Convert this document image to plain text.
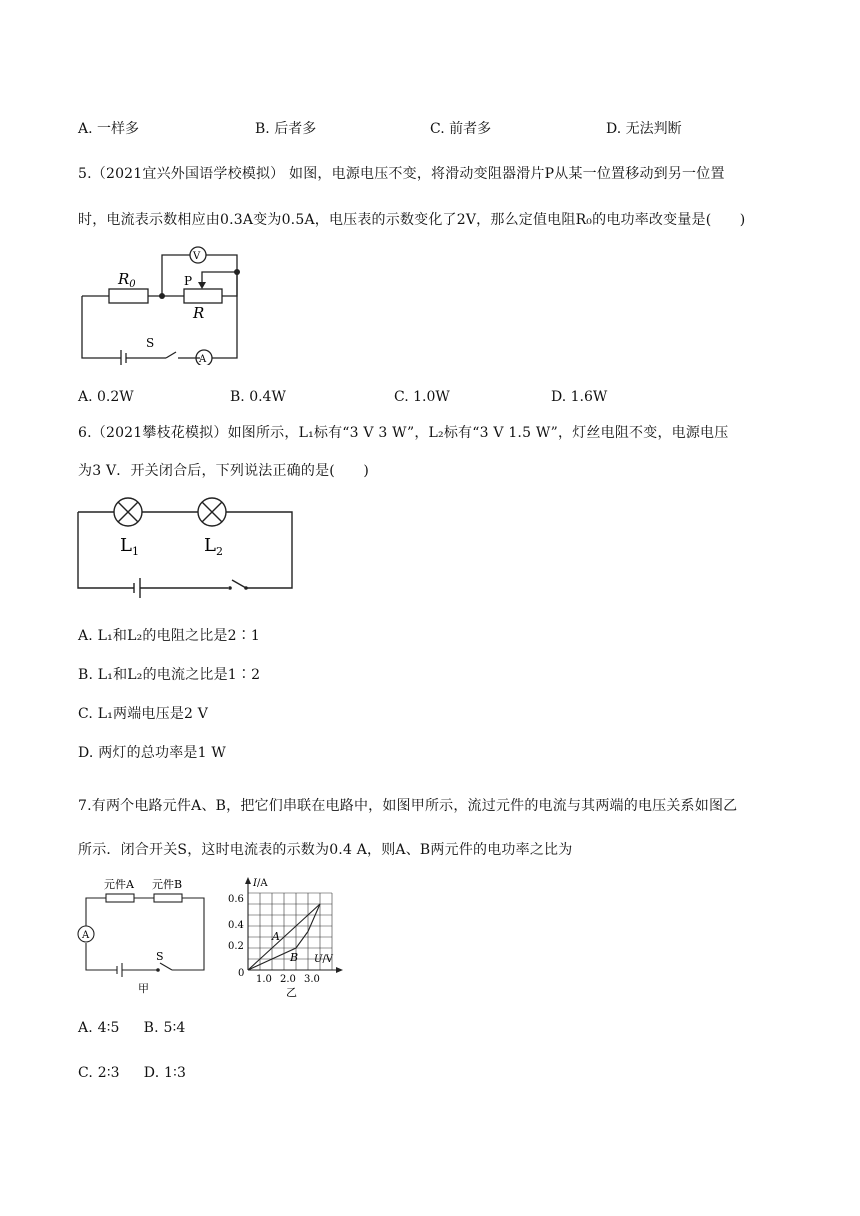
A. 一样多	B. 后者多	C. 前者多	D. 无法判断
5.（2021宜兴外国语学校模拟） 如图，电源电压不变，将滑动变阻器滑片P从某一位置移动到另一位置
时，电流表示数相应由0.3A变为0.5A，电压表的示数变化了2V，那么定值电阻R₀的电功率改变量是(　　)
$R_0$
V
P
R
S
A
A. 0.2W	B. 0.4W	C. 1.0W	D. 1.6W
6.（2021攀枝花模拟）如图所示，L₁标有“3 V 3 W”，L₂标有“3 V 1.5 W”，灯丝电阻不变，电源电压
为3 V．开关闭合后，下列说法正确的是(　　)
$L_1$	$L_2$
A. L₁和L₂的电阻之比是2∶1
B. L₁和L₂的电流之比是1∶2
C. L₁两端电压是2 V
D. 两灯的总功率是1 W
7.有两个电路元件A、B，把它们串联在电路中，如图甲所示，流过元件的电流与其两端的电压关系如图乙
所示．闭合开关S，这时电流表的示数为0.4 A，则A、B两元件的电功率之比为
元件A 元件B
A
S
甲
I/A
U/V
0.6
0.4
0.2
0
1.0 2.0 3.0
A
B
乙
A. 4∶5 B. 5∶4
C. 2∶3 D. 1∶3
